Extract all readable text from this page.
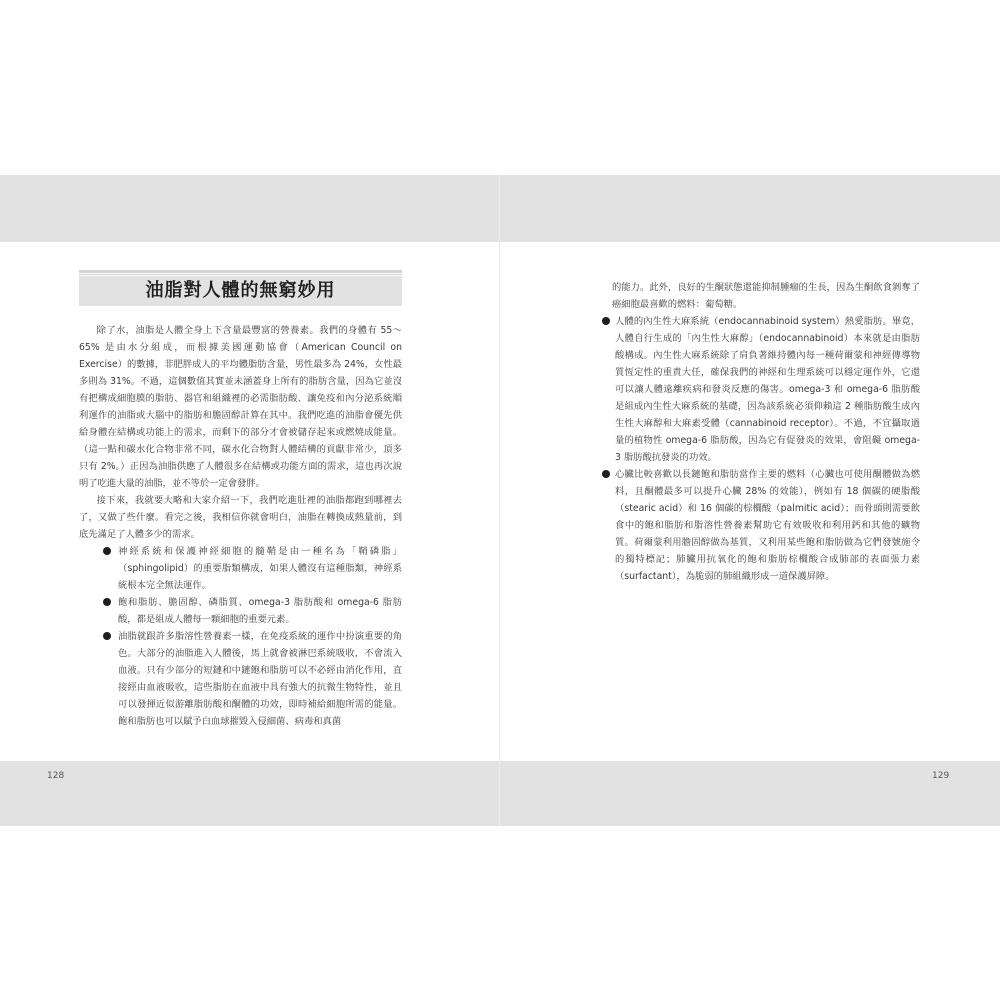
油脂對人體的無窮妙用

除了水，油脂是人體全身上下含量最豐富的營養素。我們的身體有 55～65% 是由水分組成，而根據美國運動協會（American Council on Exercise）的數據，非肥胖成人的平均體脂肪含量，男性最多為 24%，女性最多則為 31%。不過，這個數值其實並未涵蓋身上所有的脂肪含量，因為它並沒有把構成細胞膜的脂肪、器官和組織裡的必需脂肪酸、讓免疫和內分泌系統順利運作的油脂或大腦中的脂肪和膽固醇計算在其中。我們吃進的油脂會優先供給身體在結構或功能上的需求，而剩下的部分才會被儲存起來或燃燒成能量。（這一點和碳水化合物非常不同，碳水化合物對人體結構的貢獻非常少，頂多只有 2%。）正因為油脂供應了人體很多在結構或功能方面的需求，這也再次說明了吃進大量的油脂，並不等於一定會發胖。

接下來，我就要大略和大家介紹一下，我們吃進肚裡的油脂都跑到哪裡去了，又做了些什麼。看完之後，我相信你就會明白，油脂在轉換成熱量前，到底先滿足了人體多少的需求。

神經系統和保護神經細胞的髓鞘是由一種名為「鞘磷脂」（sphingolipid）的重要脂類構成，如果人體沒有這種脂類，神經系統根本完全無法運作。
飽和脂肪、膽固醇、磷脂質、omega-3 脂肪酸和 omega-6 脂肪酸，都是組成人體每一顆細胞的重要元素。
油脂就跟許多脂溶性營養素一樣，在免疫系統的運作中扮演重要的角色。大部分的油脂進入人體後，馬上就會被淋巴系統吸收，不會流入血液。只有少部分的短鏈和中鏈飽和脂肪可以不必經由消化作用，直接經由血液吸收，這些脂肪在血液中具有強大的抗微生物特性，並且可以發揮近似游離脂肪酸和酮體的功效，即時補給細胞所需的能量。飽和脂肪也可以賦予白血球摧毀入侵細菌、病毒和真菌

的能力。此外，良好的生酮狀態還能抑制腫瘤的生長，因為生酮飲食剝奪了癌細胞最喜歡的燃料：葡萄糖。

人體的內生性大麻系統（endocannabinoid system）熱愛脂肪。畢竟，人體自行生成的「內生性大麻醇」（endocannabinoid）本來就是由脂肪酸構成。內生性大麻系統除了肩負著維持體內每一種荷爾蒙和神經傳導物質恆定性的重責大任，確保我們的神經和生理系統可以穩定運作外，它還可以讓人體遠離疾病和發炎反應的傷害。omega-3 和 omega-6 脂肪酸是組成內生性大麻系統的基礎，因為該系統必須仰賴這 2 種脂肪酸生成內生性大麻醇和大麻素受體（cannabinoid receptor）。不過，不宜攝取過量的植物性 omega-6 脂肪酸，因為它有促發炎的效果，會阻礙 omega-3 脂肪酸抗發炎的功效。
心臟比較喜歡以長鏈飽和脂肪當作主要的燃料（心臟也可使用酮體做為燃料，且酮體最多可以提升心臟 28% 的效能），例如有 18 個碳的硬脂酸（stearic acid）和 16 個碳的棕櫚酸（palmitic acid）；而骨頭則需要飲食中的飽和脂肪和脂溶性營養素幫助它有效吸收和利用鈣和其他的礦物質。荷爾蒙利用膽固醇做為基質，又利用某些飽和脂肪做為它們發號施令的獨特標記；肺臟用抗氧化的飽和脂肪棕櫚酸合成肺部的表面張力素（surfactant），為脆弱的肺組織形成一道保護屏障。
128	129
